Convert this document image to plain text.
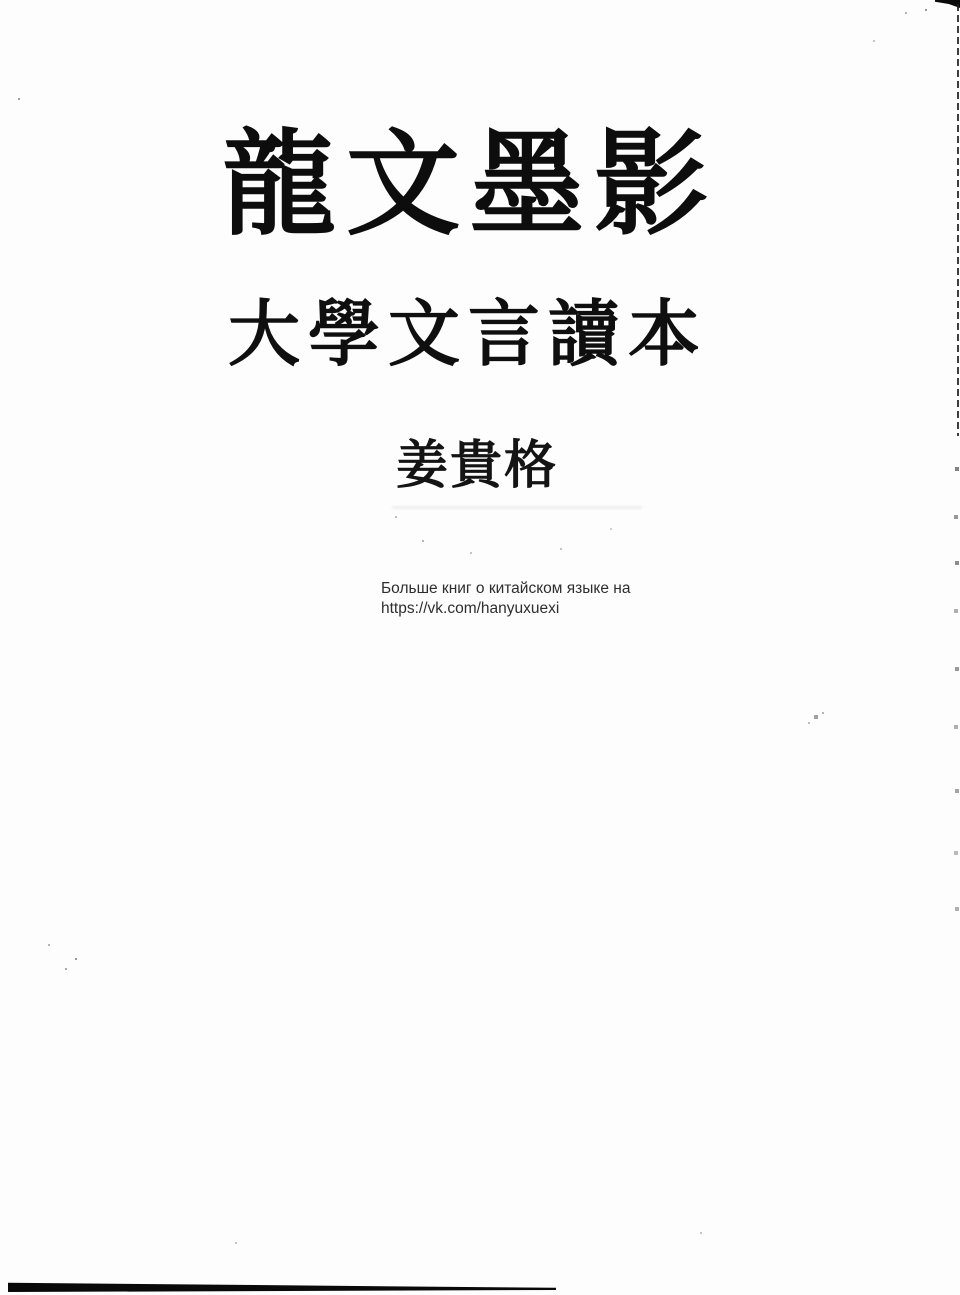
龍文墨影
大學文言讀本
姜貴格
Больше книг о китайском языке на
https://vk.com/hanyuxuexi
